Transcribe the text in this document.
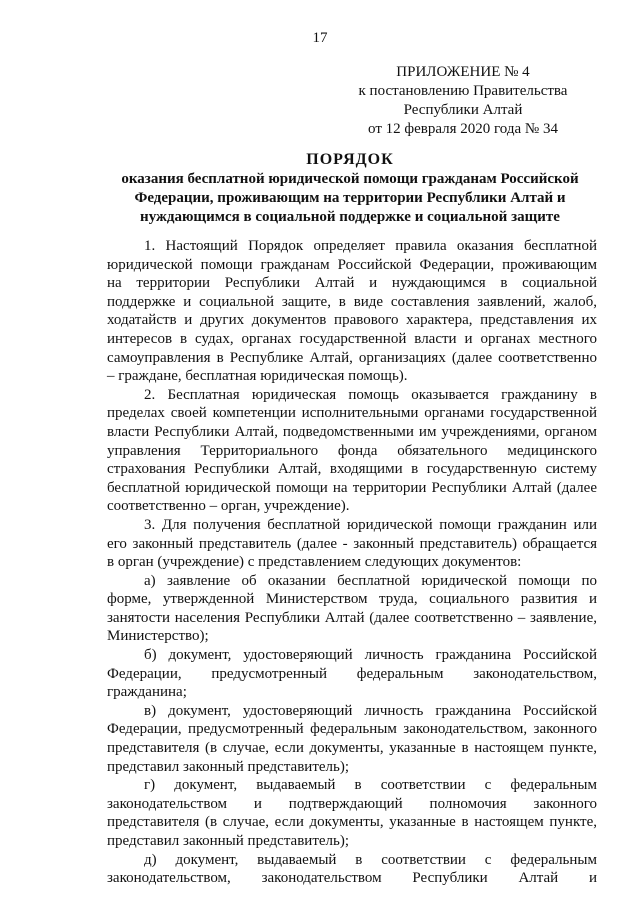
17
ПРИЛОЖЕНИЕ № 4
к постановлению Правительства
Республики Алтай
от 12 февраля 2020 года № 34
ПОРЯДОК
оказания бесплатной юридической помощи гражданам Российской
Федерации, проживающим на территории Республики Алтай и
нуждающимся в социальной поддержке и социальной защите

1. Настоящий Порядок определяет правила оказания бесплатной
юридической помощи гражданам Российской Федерации, проживающим
на территории Республики Алтай и нуждающимся в социальной
поддержке и социальной защите, в виде составления заявлений, жалоб,
ходатайств и других документов правового характера, представления их
интересов в судах, органах государственной власти и органах местного
самоуправления в Республике Алтай, организациях (далее соответственно
– граждане, бесплатная юридическая помощь).

2. Бесплатная юридическая помощь оказывается гражданину в
пределах своей компетенции исполнительными органами государственной
власти Республики Алтай, подведомственными им учреждениями, органом
управления Территориального фонда обязательного медицинского
страхования Республики Алтай, входящими в государственную систему
бесплатной юридической помощи на территории Республики Алтай (далее
соответственно – орган, учреждение).

3. Для получения бесплатной юридической помощи гражданин или
его законный представитель (далее - законный представитель) обращается
в орган (учреждение) с представлением следующих документов:

а) заявление об оказании бесплатной юридической помощи по
форме, утвержденной Министерством труда, социального развития и
занятости населения Республики Алтай (далее соответственно – заявление,
Министерство);

б) документ, удостоверяющий личность гражданина Российской
Федерации, предусмотренный федеральным законодательством,
гражданина;

в) документ, удостоверяющий личность гражданина Российской
Федерации, предусмотренный федеральным законодательством, законного
представителя (в случае, если документы, указанные в настоящем пункте,
представил законный представитель);

г) документ, выдаваемый в соответствии с федеральным
законодательством и подтверждающий полномочия законного
представителя (в случае, если документы, указанные в настоящем пункте,
представил законный представитель);

д) документ, выдаваемый в соответствии с федеральным
законодательством, законодательством Республики Алтай и
